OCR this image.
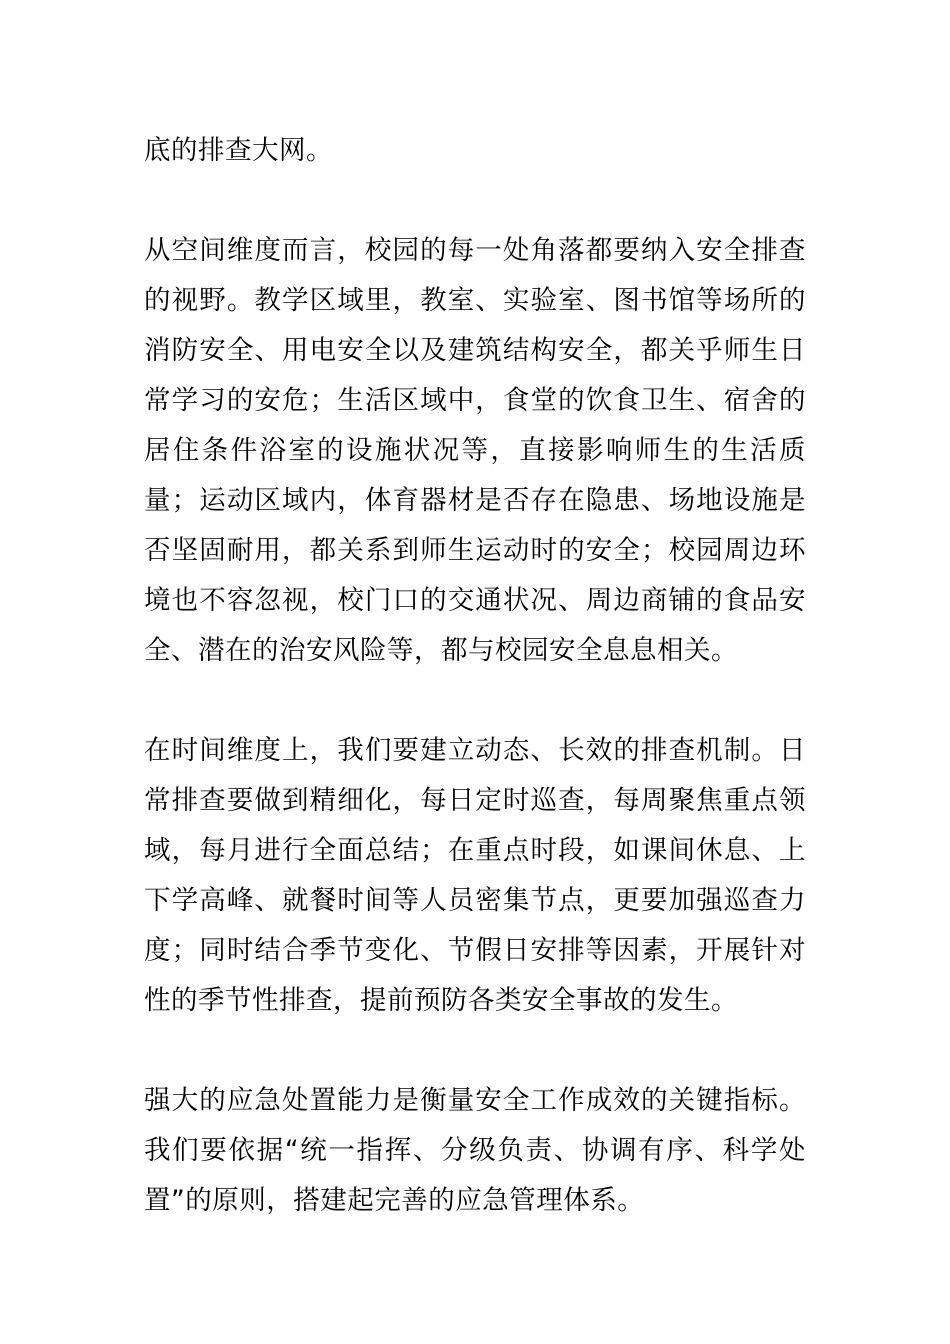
底的排查大网。

从空间维度而言，校园的每一处角落都要纳入安全排查的视野。教学区域里，教室、实验室、图书馆等场所的消防安全、用电安全以及建筑结构安全，都关乎师生日常学习的安危；生活区域中，食堂的饮食卫生、宿舍的居住条件浴室的设施状况等，直接影响师生的生活质量；运动区域内，体育器材是否存在隐患、场地设施是否坚固耐用，都关系到师生运动时的安全；校园周边环境也不容忽视，校门口的交通状况、周边商铺的食品安全、潜在的治安风险等，都与校园安全息息相关。

在时间维度上，我们要建立动态、长效的排查机制。日常排查要做到精细化，每日定时巡查，每周聚焦重点领域，每月进行全面总结；在重点时段，如课间休息、上下学高峰、就餐时间等人员密集节点，更要加强巡查力度；同时结合季节变化、节假日安排等因素，开展针对性的季节性排查，提前预防各类安全事故的发生。

强大的应急处置能力是衡量安全工作成效的关键指标。我们要依据“统一指挥、分级负责、协调有序、科学处置”的原则，搭建起完善的应急管理体系。
